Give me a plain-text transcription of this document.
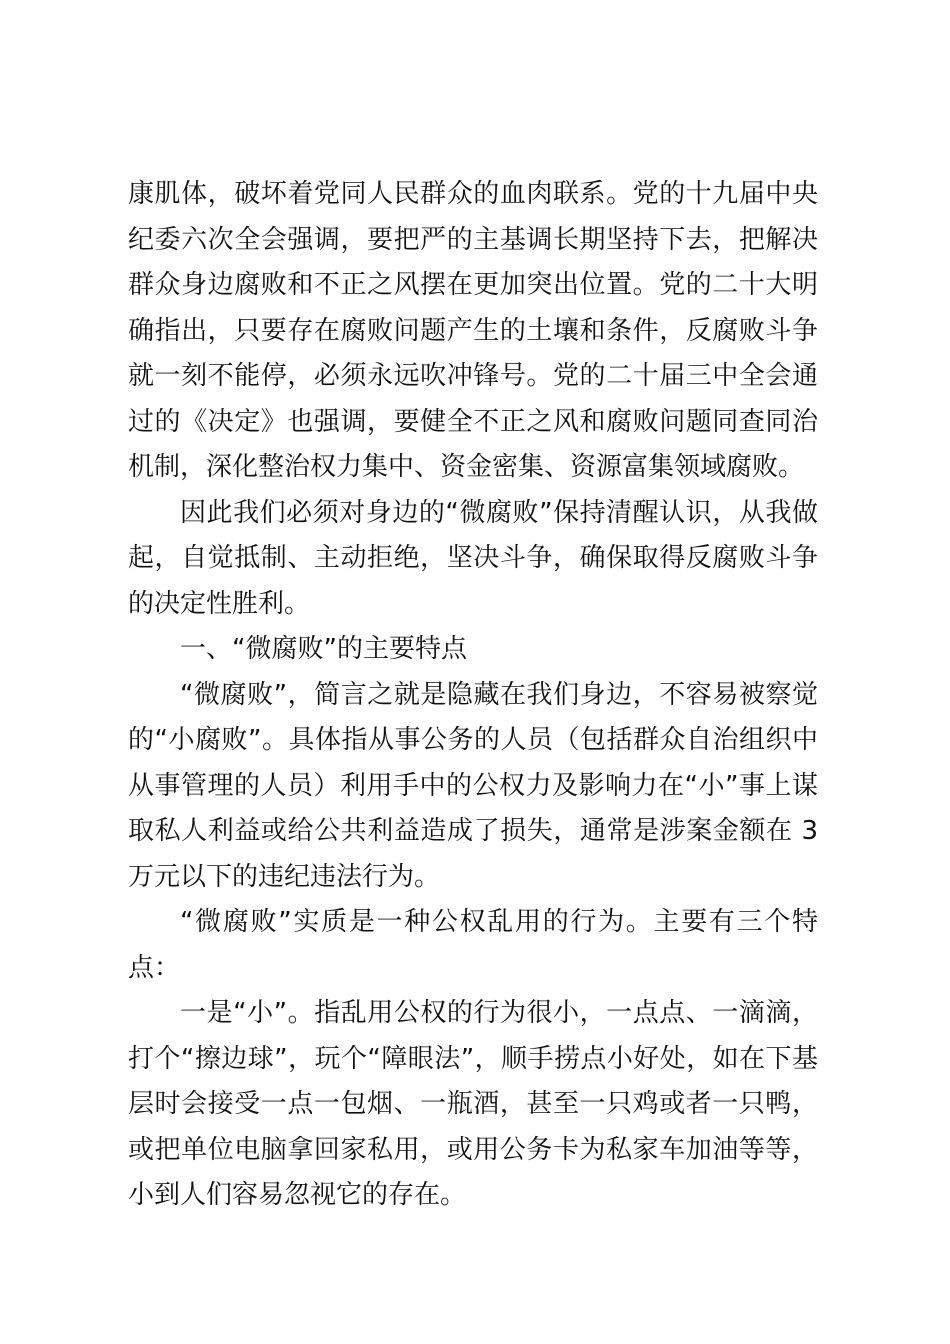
康肌体，破坏着党同人民群众的血肉联系。党的十九届中央纪委六次全会强调，要把严的主基调长期坚持下去，把解决群众身边腐败和不正之风摆在更加突出位置。党的二十大明确指出，只要存在腐败问题产生的土壤和条件，反腐败斗争就一刻不能停，必须永远吹冲锋号。党的二十届三中全会通过的《决定》也强调，要健全不正之风和腐败问题同查同治机制，深化整治权力集中、资金密集、资源富集领域腐败。

因此我们必须对身边的“微腐败”保持清醒认识，从我做起，自觉抵制、主动拒绝，坚决斗争，确保取得反腐败斗争的决定性胜利。

一、“微腐败”的主要特点

“微腐败”，简言之就是隐藏在我们身边，不容易被察觉的“小腐败”。具体指从事公务的人员（包括群众自治组织中从事管理的人员）利用手中的公权力及影响力在“小”事上谋取私人利益或给公共利益造成了损失，通常是涉案金额在 3 万元以下的违纪违法行为。

“微腐败”实质是一种公权乱用的行为。主要有三个特点：

一是“小”。指乱用公权的行为很小，一点点、一滴滴，打个“擦边球”，玩个“障眼法”，顺手捞点小好处，如在下基层时会接受一点一包烟、一瓶酒，甚至一只鸡或者一只鸭，或把单位电脑拿回家私用，或用公务卡为私家车加油等等，小到人们容易忽视它的存在。
